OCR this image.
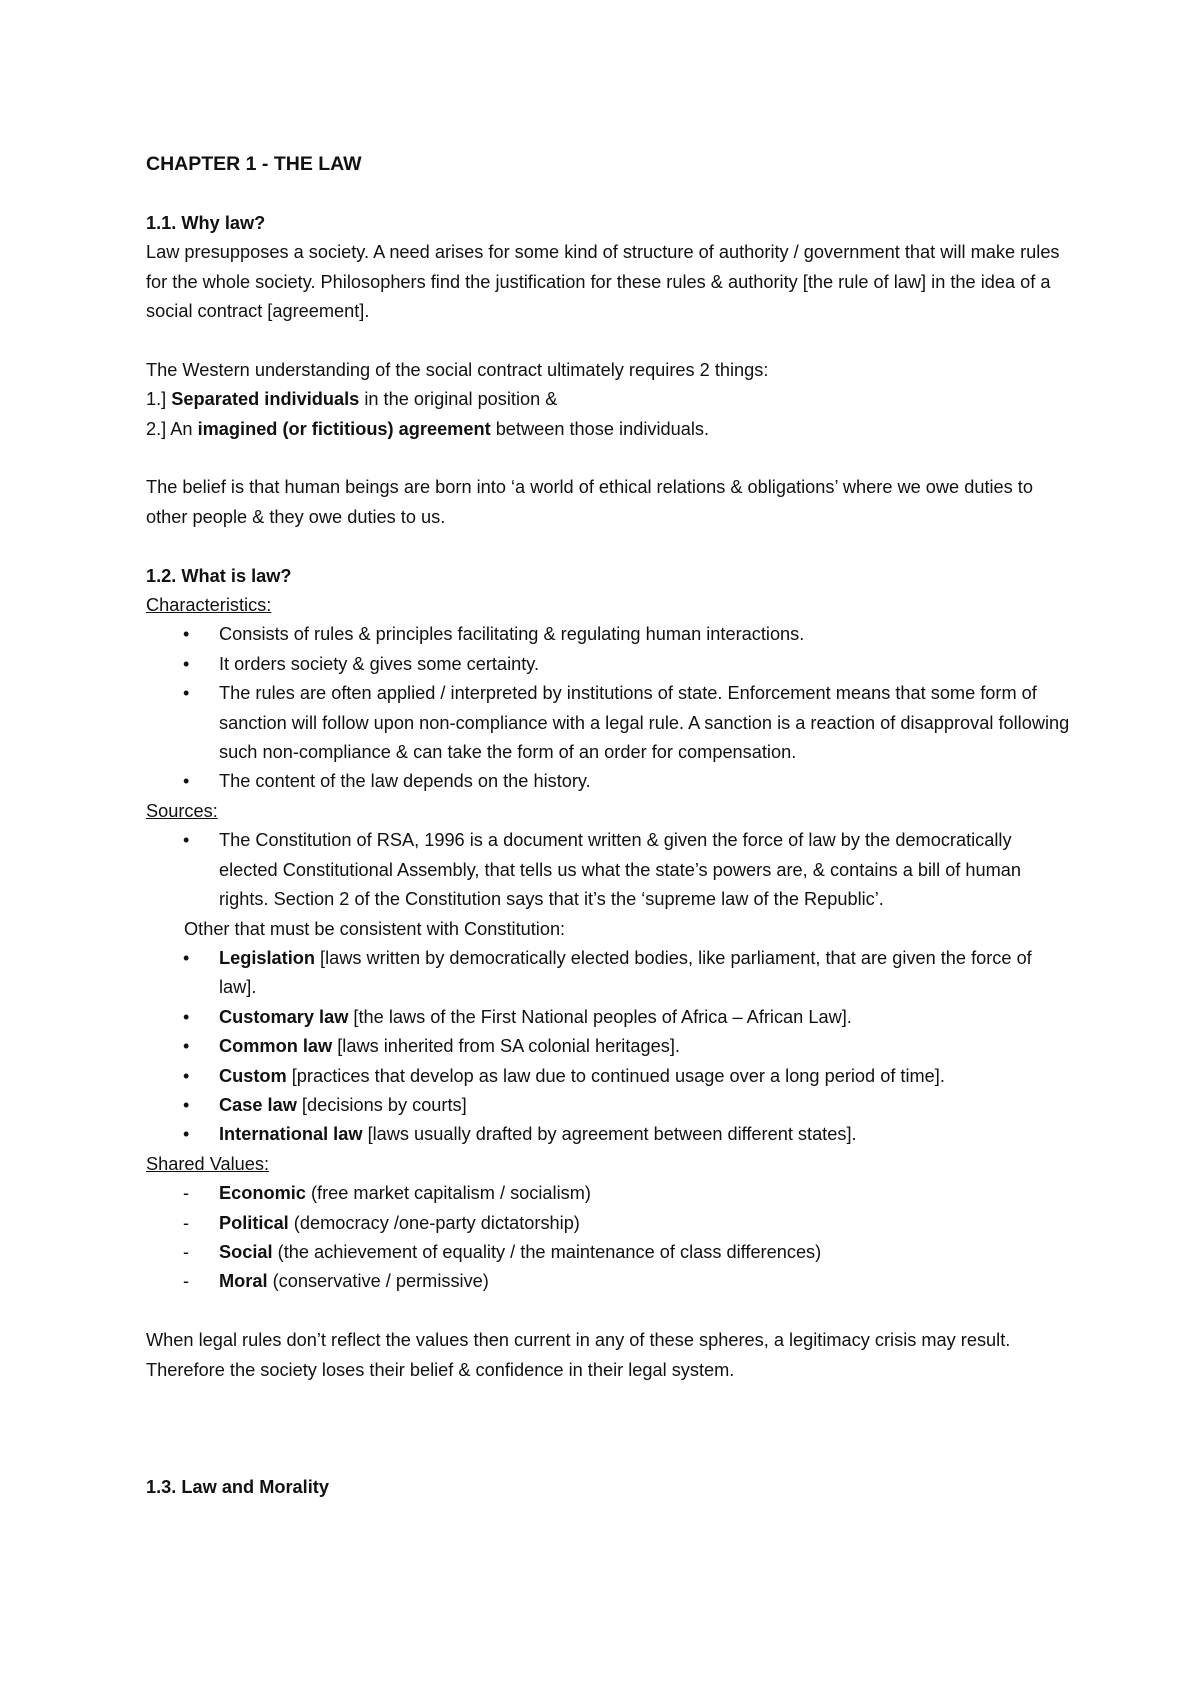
CHAPTER 1 - THE LAW

1.1. Why law?

Law presupposes a society. A need arises for some kind of structure of authority / government that will make rules for the whole society. Philosophers find the justification for these rules & authority [the rule of law] in the idea of a social contract [agreement].

The Western understanding of the social contract ultimately requires 2 things:

1.] Separated individuals in the original position &

2.] An imagined (or fictitious) agreement between those individuals.

The belief is that human beings are born into ‘a world of ethical relations & obligations’ where we owe duties to other people & they owe duties to us.

1.2. What is law?

Characteristics:

• Consists of rules & principles facilitating & regulating human interactions.
• It orders society & gives some certainty.
• The rules are often applied / interpreted by institutions of state. Enforcement means that some form of sanction will follow upon non-compliance with a legal rule. A sanction is a reaction of disapproval following such non-compliance & can take the form of an order for compensation.
• The content of the law depends on the history.

Sources:

• The Constitution of RSA, 1996 is a document written & given the force of law by the democratically elected Constitutional Assembly, that tells us what the state’s powers are, & contains a bill of human rights. Section 2 of the Constitution says that it’s the ‘supreme law of the Republic’.

Other that must be consistent with Constitution:

• Legislation [laws written by democratically elected bodies, like parliament, that are given the force of law].
• Customary law [the laws of the First National peoples of Africa – African Law].
• Common law [laws inherited from SA colonial heritages].
• Custom [practices that develop as law due to continued usage over a long period of time].
• Case law [decisions by courts]
• International law [laws usually drafted by agreement between different states].

Shared Values:

- Economic (free market capitalism / socialism)
- Political (democracy /one-party dictatorship)
- Social (the achievement of equality / the maintenance of class differences)
- Moral (conservative / permissive)

When legal rules don’t reflect the values then current in any of these spheres, a legitimacy crisis may result. Therefore the society loses their belief & confidence in their legal system.

1.3. Law and Morality
